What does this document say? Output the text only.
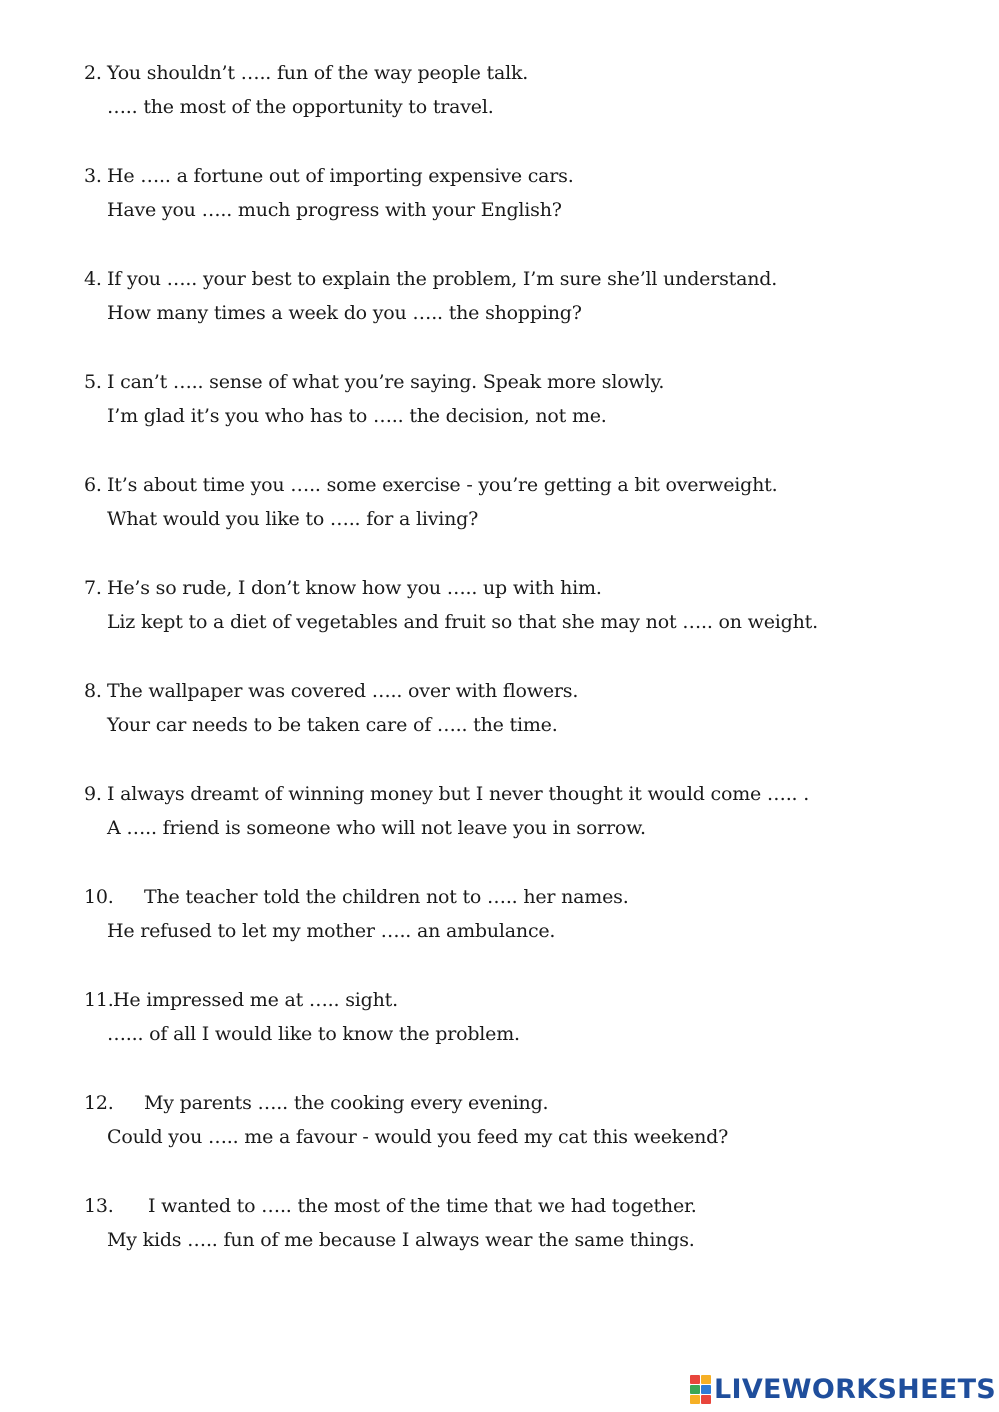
2. You shouldn’t ….. fun of the way people talk.
….. the most of the opportunity to travel.
3. He ….. a fortune out of importing expensive cars.
Have you ….. much progress with your English?
4. If you ….. your best to explain the problem, I’m sure she’ll understand.
How many times a week do you ….. the shopping?
5. I can’t ….. sense of what you’re saying. Speak more slowly.
I’m glad it’s you who has to ….. the decision, not me.
6. It’s about time you ….. some exercise - you’re getting a bit overweight.
What would you like to ….. for a living?
7. He’s so rude, I don’t know how you ….. up with him.
Liz kept to a diet of vegetables and fruit so that she may not ….. on weight.
8. The wallpaper was covered ….. over with flowers.
Your car needs to be taken care of ….. the time.
9. I always dreamt of winning money but I never thought it would come ….. .
A ….. friend is someone who will not leave you in sorrow.
10. The teacher told the children not to ….. her names.
He refused to let my mother ….. an ambulance.
11.He impressed me at ….. sight.
…... of all I would like to know the problem.
12. My parents ….. the cooking every evening.
Could you ….. me a favour - would you feed my cat this weekend?
13. I wanted to ….. the most of the time that we had together.
My kids ….. fun of me because I always wear the same things.
LIVEWORKSHEETS
